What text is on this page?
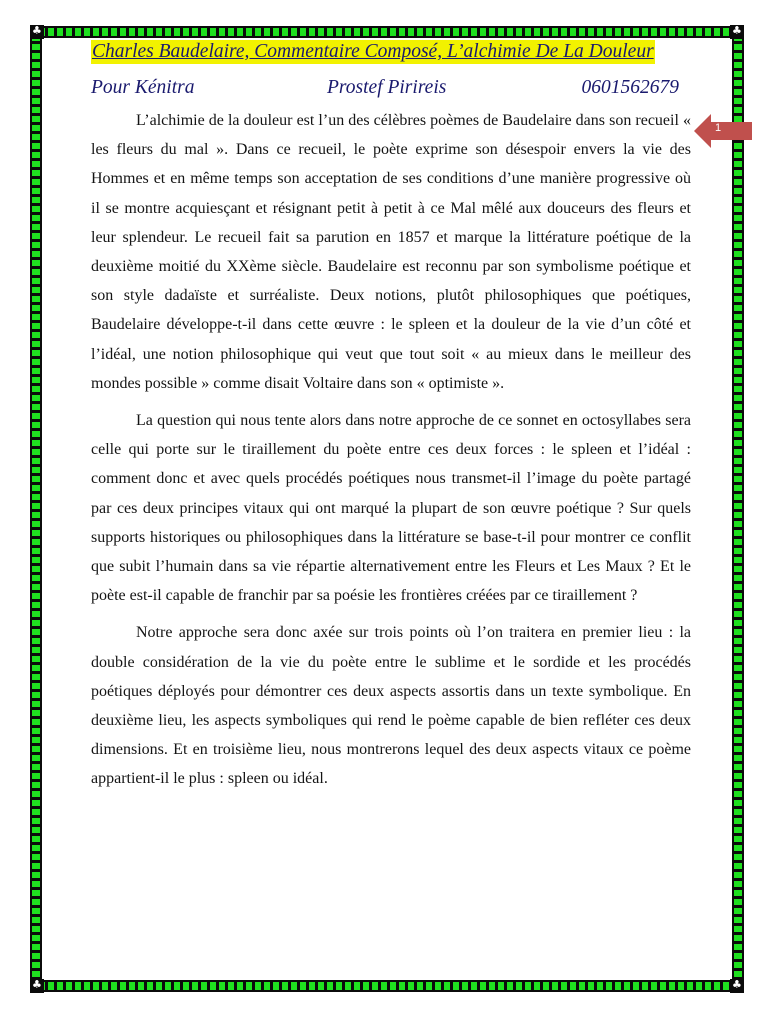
♣
♣
♣
♣
Charles Baudelaire, Commentaire Composé, L’alchimie De La Douleur
Pour Kénitra	Prostef Pirireis	0601562679
1

L’alchimie de la douleur est l’un des célèbres poèmes de Baudelaire dans son recueil « les fleurs du mal ». Dans ce recueil, le poète exprime son désespoir envers la vie des Hommes et en même temps son acceptation de ses conditions d’une manière progressive où il se montre acquiesçant et résignant petit à petit à ce Mal mêlé aux douceurs des fleurs et leur splendeur. Le recueil fait sa parution en 1857 et marque la littérature poétique de la deuxième moitié du XXème siècle. Baudelaire est reconnu par son symbolisme poétique et son style dadaïste et surréaliste. Deux notions, plutôt philosophiques que poétiques, Baudelaire développe-t-il dans cette œuvre : le spleen et la douleur de la vie d’un côté et l’idéal, une notion philosophique qui veut que tout soit « au mieux dans le meilleur des mondes possible » comme disait Voltaire dans son « optimiste ».

La question qui nous tente alors dans notre approche de ce sonnet en octosyllabes sera celle qui porte sur le tiraillement du poète entre ces deux forces : le spleen et l’idéal : comment donc et avec quels procédés poétiques nous transmet-il l’image du poète partagé par ces deux principes vitaux qui ont marqué la plupart de son œuvre poétique ? Sur quels supports historiques ou philosophiques dans la littérature se base-t-il pour montrer ce conflit que subit l’humain dans sa vie répartie alternativement entre les Fleurs et Les Maux ? Et le poète est-il capable de franchir par sa poésie les frontières créées par ce tiraillement ?

Notre approche sera donc axée sur trois points où l’on traitera en premier lieu : la double considération de la vie du poète entre le sublime et le sordide et les procédés poétiques déployés pour démontrer ces deux aspects assortis dans un texte symbolique. En deuxième lieu, les aspects symboliques qui rend le poème capable de bien refléter ces deux dimensions. Et en troisième lieu, nous montrerons lequel des deux aspects vitaux ce poème appartient-il le plus : spleen ou idéal.
